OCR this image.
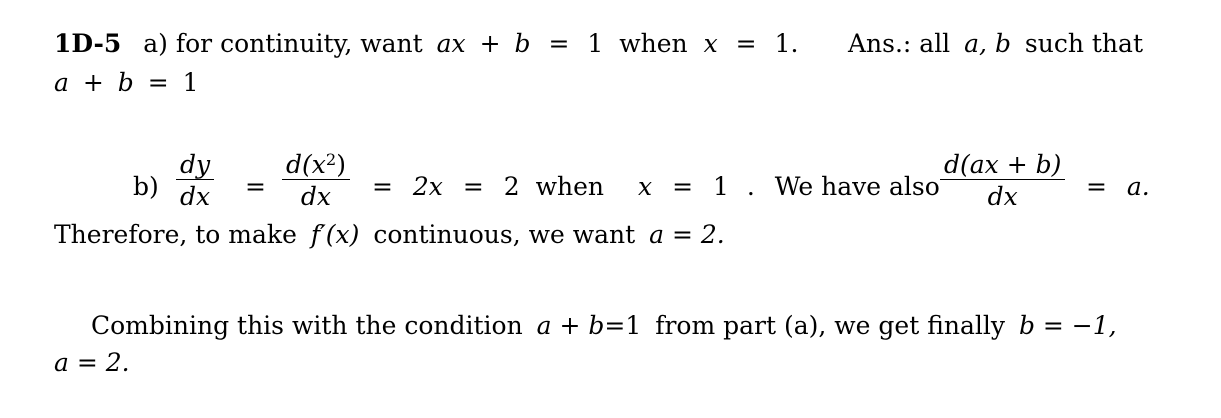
1D-5 a) for continuity, want ax + b = 1 when x = 1. Ans.: all a, b such that
a + b = 1
b)
dy
dx =
$d(x^2)$
dx = 2x = 2 when x = 1 . We have also
d(ax + b)
dx	= a.
Therefore, to make f′(x) continuous, we want a = 2.
Combining this with the condition a + b=1 from part (a), we get finally b = −1,
a = 2.
